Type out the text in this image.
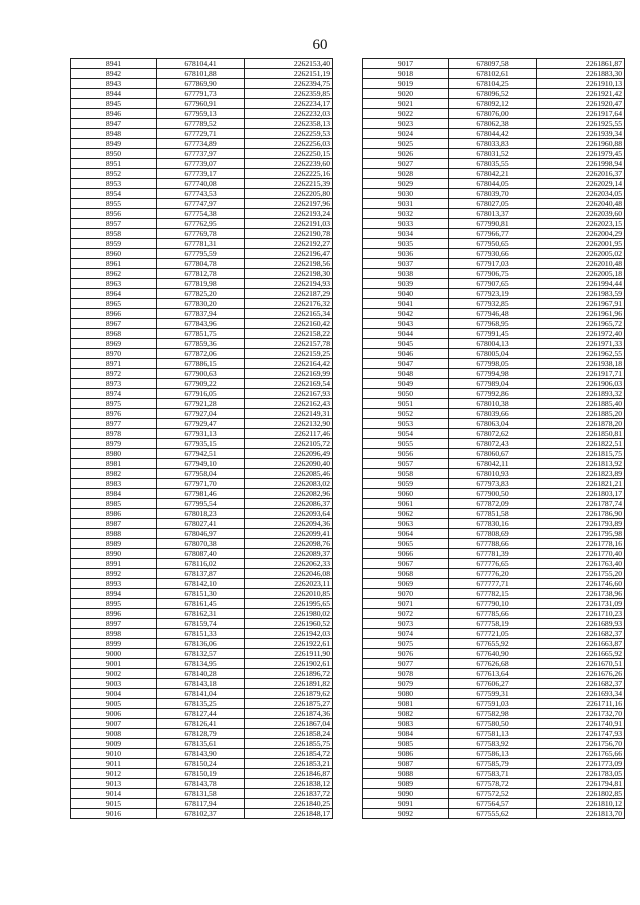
60
8941	678104,41	2262153,40
8942	678101,88	2262151,19
8943	677869,90	2262394,75
8944	677791,73	2262359,85
8945	677960,91	2262234,17
8946	677959,13	2262232,03
8947	677789,52	2262358,13
8948	677729,71	2262259,53
8949	677734,89	2262256,03
8950	677737,97	2262250,15
8951	677739,07	2262239,60
8952	677739,17	2262225,16
8953	677740,08	2262215,39
8954	677743,53	2262205,80
8955	677747,97	2262197,96
8956	677754,38	2262193,24
8957	677762,95	2262191,03
8958	677769,78	2262190,78
8959	677781,31	2262192,27
8960	677795,59	2262196,47
8961	677804,78	2262198,56
8962	677812,78	2262198,30
8963	677819,98	2262194,93
8964	677825,20	2262187,29
8965	677830,20	2262176,32
8966	677837,94	2262165,34
8967	677843,96	2262160,42
8968	677851,75	2262158,22
8969	677859,36	2262157,78
8970	677872,06	2262159,25
8971	677886,15	2262164,42
8972	677900,63	2262169,99
8973	677909,22	2262169,54
8974	677916,05	2262167,93
8975	677921,28	2262162,43
8976	677927,04	2262149,31
8977	677929,47	2262132,90
8978	677931,13	2262117,46
8979	677935,15	2262105,72
8980	677942,51	2262096,49
8981	677949,10	2262090,40
8982	677958,04	2262085,46
8983	677971,70	2262083,02
8984	677981,46	2262082,96
8985	677995,54	2262086,37
8986	678018,23	2262093,64
8987	678027,41	2262094,36
8988	678046,97	2262099,41
8989	678070,38	2262098,76
8990	678087,40	2262089,37
8991	678116,02	2262062,33
8992	678137,87	2262046,08
8993	678142,10	2262023,11
8994	678151,30	2262010,85
8995	678161,45	2261995,65
8996	678162,31	2261980,02
8997	678159,74	2261960,52
8998	678151,33	2261942,03
8999	678136,06	2261922,61
9000	678132,57	2261911,90
9001	678134,95	2261902,61
9002	678140,28	2261896,72
9003	678143,18	2261891,82
9004	678141,04	2261879,62
9005	678135,25	2261875,27
9006	678127,44	2261874,36
9007	678126,41	2261867,04
9008	678128,79	2261858,24
9009	678135,61	2261855,75
9010	678143,90	2261854,72
9011	678150,24	2261853,21
9012	678150,19	2261846,87
9013	678143,78	2261838,12
9014	678131,58	2261837,72
9015	678117,94	2261840,25
9016	678102,37	2261848,17
9017	678097,58	2261861,87
9018	678102,61	2261883,30
9019	678104,25	2261910,13
9020	678096,52	2261921,42
9021	678092,12	2261920,47
9022	678076,00	2261917,64
9023	678062,38	2261925,55
9024	678044,42	2261939,34
9025	678033,83	2261960,88
9026	678031,52	2261979,45
9027	678035,55	2261998,94
9028	678042,21	2262016,37
9029	678044,05	2262029,14
9030	678039,70	2262034,05
9031	678027,05	2262040,48
9032	678013,37	2262039,60
9033	677990,81	2262023,15
9034	677966,77	2262004,29
9035	677950,65	2262001,95
9036	677930,66	2262005,02
9037	677917,03	2262010,48
9038	677906,75	2262005,18
9039	677907,65	2261994,44
9040	677923,19	2261983,59
9041	677932,85	2261967,91
9042	677946,48	2261961,96
9043	677968,95	2261965,72
9044	677991,45	2261972,40
9045	678004,13	2261971,33
9046	678005,04	2261962,55
9047	677998,05	2261938,18
9048	677994,98	2261917,71
9049	677989,04	2261906,03
9050	677992,86	2261893,32
9051	678010,38	2261885,40
9052	678039,66	2261885,20
9053	678063,04	2261878,20
9054	678072,62	2261850,81
9055	678072,43	2261822,51
9056	678060,67	2261815,75
9057	678042,11	2261813,92
9058	678010,93	2261823,89
9059	677973,83	2261821,21
9060	677900,50	2261803,17
9061	677872,09	2261787,74
9062	677851,58	2261786,90
9063	677830,16	2261793,89
9064	677808,69	2261795,98
9065	677788,66	2261778,16
9066	677781,39	2261770,40
9067	677776,65	2261763,40
9068	677776,20	2261755,20
9069	677777,71	2261746,60
9070	677782,15	2261738,96
9071	677790,10	2261731,09
9072	677785,66	2261710,23
9073	677758,19	2261689,93
9074	677721,05	2261682,37
9075	677655,92	2261663,87
9076	677640,90	2261665,92
9077	677626,68	2261670,51
9078	677613,64	2261676,26
9079	677606,27	2261682,37
9080	677599,31	2261693,34
9081	677591,03	2261711,16
9082	677582,98	2261732,70
9083	677580,50	2261740,91
9084	677581,13	2261747,93
9085	677583,92	2261756,70
9086	677586,13	2261765,66
9087	677585,79	2261773,09
9088	677583,71	2261783,05
9089	677578,72	2261794,81
9090	677572,52	2261802,85
9091	677564,57	2261810,12
9092	677555,62	2261813,70
